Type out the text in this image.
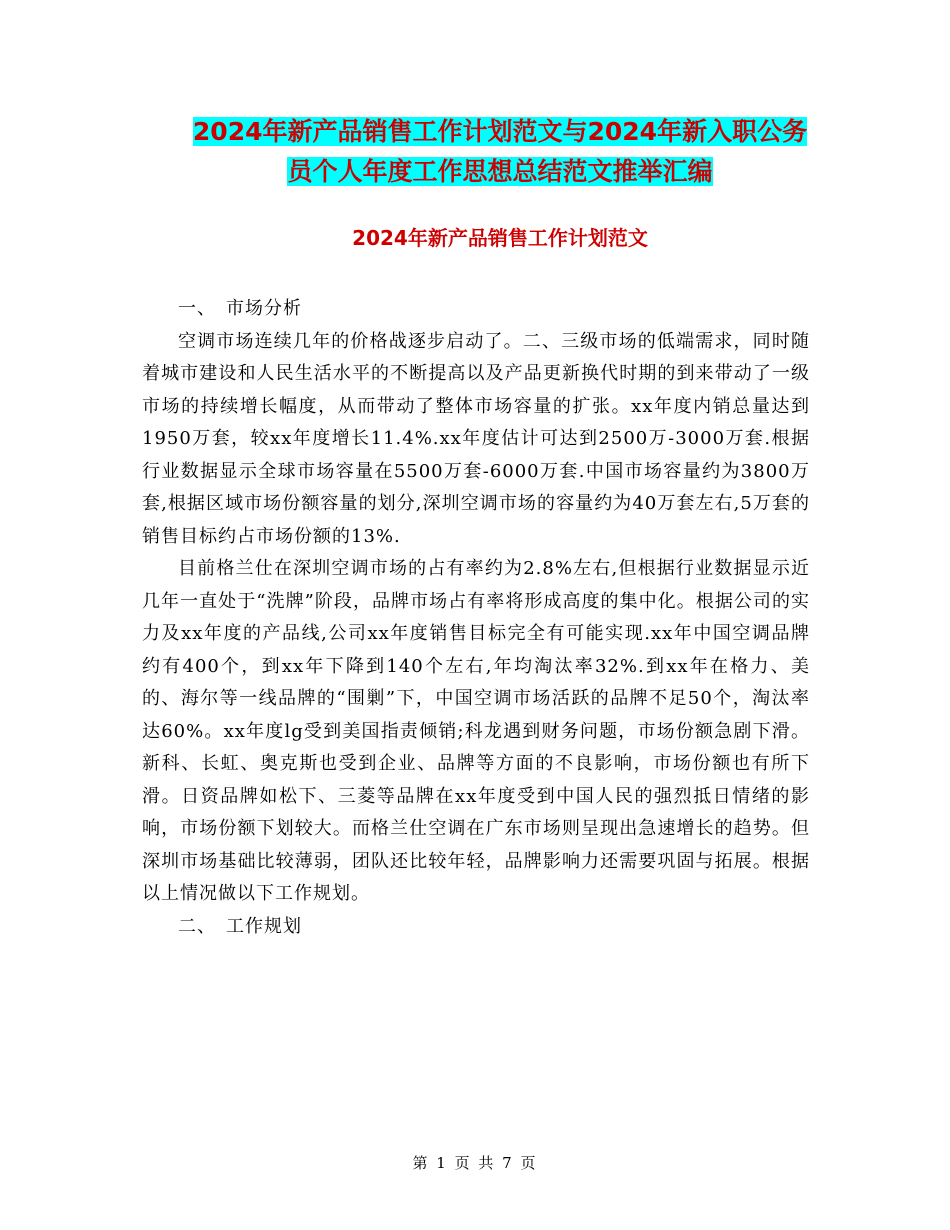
2024年新产品销售工作计划范文与2024年新入职公务
员个人年度工作思想总结范文推举汇编
2024年新产品销售工作计划范文

一、　市场分析

空调市场连续几年的价格战逐步启动了。二、三级市场的低端需求，同时随着城市建设和人民生活水平的不断提高以及产品更新换代时期的到来带动了一级市场的持续增长幅度，从而带动了整体市场容量的扩张。xx年度内销总量达到1950万套，较xx年度增长11.4%.xx年度估计可达到2500万-3000万套.根据行业数据显示全球市场容量在5500万套-6000万套.中国市场容量约为3800万套,根据区域市场份额容量的划分,深圳空调市场的容量约为40万套左右,5万套的销售目标约占市场份额的13%.

目前格兰仕在深圳空调市场的占有率约为2.8%左右,但根据行业数据显示近几年一直处于“洗牌”阶段，品牌市场占有率将形成高度的集中化。根据公司的实力及xx年度的产品线,公司xx年度销售目标完全有可能实现.xx年中国空调品牌约有400个，到xx年下降到140个左右,年均淘汰率32%.到xx年在格力、美的、海尔等一线品牌的“围剿”下，中国空调市场活跃的品牌不足50个，淘汰率达60%。xx年度lg受到美国指责倾销;科龙遇到财务问题，市场份额急剧下滑。新科、长虹、奥克斯也受到企业、品牌等方面的不良影响，市场份额也有所下滑。日资品牌如松下、三菱等品牌在xx年度受到中国人民的强烈抵日情绪的影响，市场份额下划较大。而格兰仕空调在广东市场则呈现出急速增长的趋势。但深圳市场基础比较薄弱，团队还比较年轻，品牌影响力还需要巩固与拓展。根据以上情况做以下工作规划。

二、　工作规划

第 1 页 共 7 页
